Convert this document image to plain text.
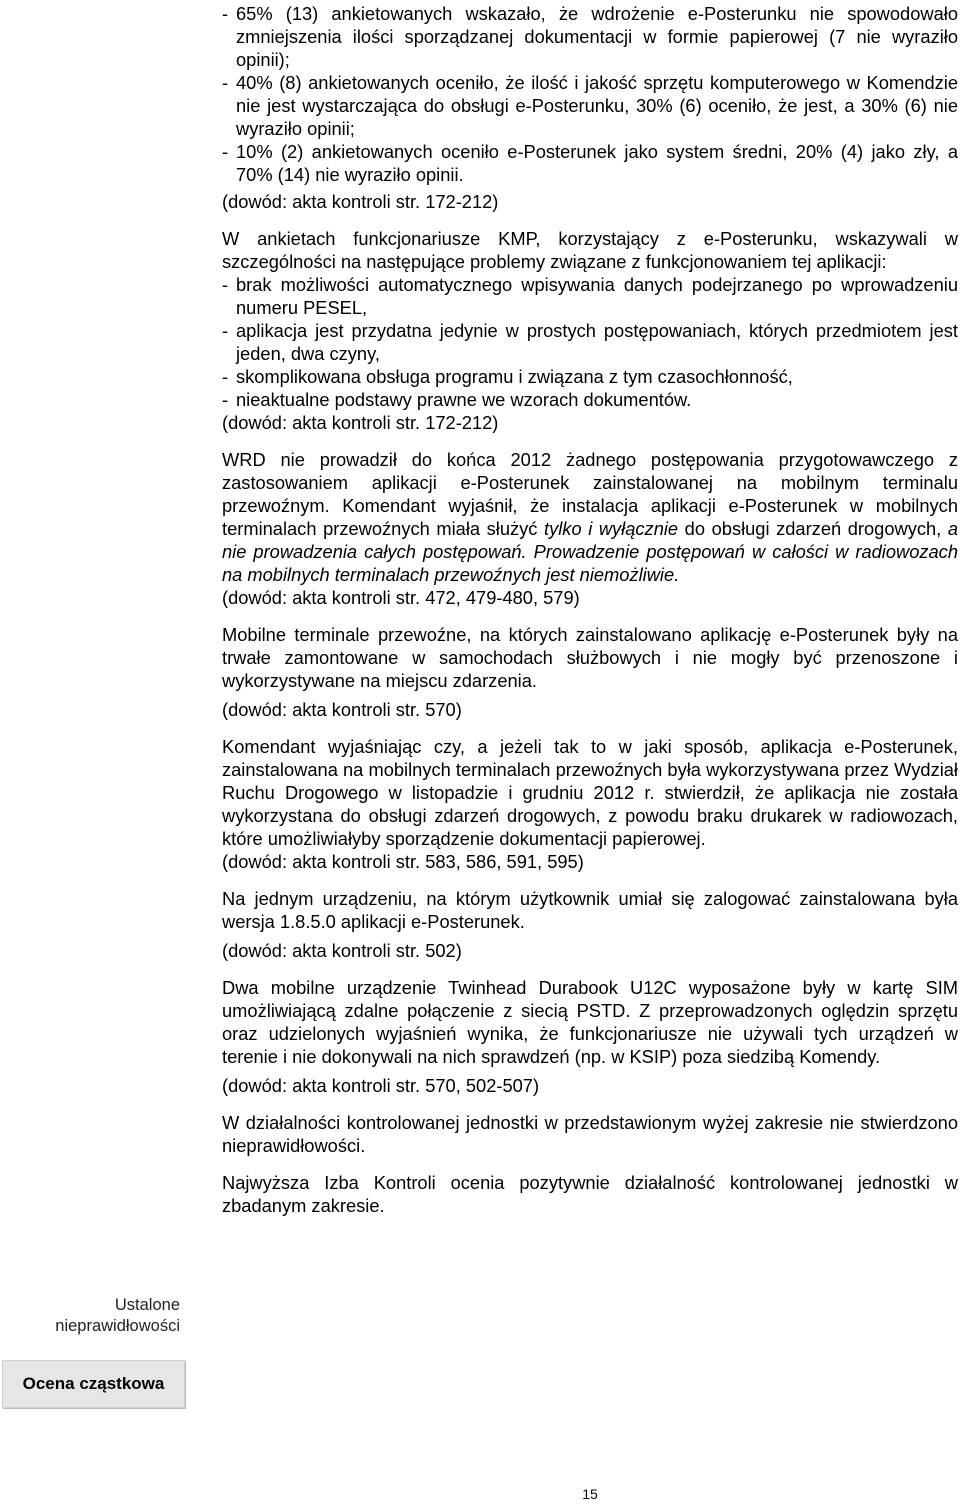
- 65% (13) ankietowanych wskazało, że wdrożenie e-Posterunku nie spowodowało zmniejszenia ilości sporządzanej dokumentacji w formie papierowej (7 nie wyraziło opinii);
- 40% (8) ankietowanych oceniło, że ilość i jakość sprzętu komputerowego w Komendzie nie jest wystarczająca do obsługi e-Posterunku, 30% (6) oceniło, że jest, a 30% (6) nie wyraziło opinii;
- 10% (2) ankietowanych oceniło e-Posterunek jako system średni, 20% (4) jako zły, a 70% (14) nie wyraziło opinii.

(dowód: akta kontroli str. 172-212)

W ankietach funkcjonariusze KMP, korzystający z e-Posterunku, wskazywali w szczególności na następujące problemy związane z funkcjonowaniem tej aplikacji:

- brak możliwości automatycznego wpisywania danych podejrzanego po wprowadzeniu numeru PESEL,
- aplikacja jest przydatna jedynie w prostych postępowaniach, których przedmiotem jest jeden, dwa czyny,
- skomplikowana obsługa programu i związana z tym czasochłonność,
- nieaktualne podstawy prawne we wzorach dokumentów.

(dowód: akta kontroli str. 172-212)

WRD nie prowadził do końca 2012 żadnego postępowania przygotowawczego z zastosowaniem aplikacji e-Posterunek zainstalowanej na mobilnym terminalu przewoźnym. Komendant wyjaśnił, że instalacja aplikacji e-Posterunek w mobilnych terminalach przewoźnych miała służyć tylko i wyłącznie do obsługi zdarzeń drogowych, a nie prowadzenia całych postępowań. Prowadzenie postępowań w całości w radiowozach na mobilnych terminalach przewoźnych jest niemożliwie.

(dowód: akta kontroli str. 472, 479-480, 579)

Mobilne terminale przewoźne, na których zainstalowano aplikację e-Posterunek były na trwałe zamontowane w samochodach służbowych i nie mogły być przenoszone i wykorzystywane na miejscu zdarzenia.

(dowód: akta kontroli str. 570)

Komendant wyjaśniając czy, a jeżeli tak to w jaki sposób, aplikacja e-Posterunek, zainstalowana na mobilnych terminalach przewoźnych była wykorzystywana przez Wydział Ruchu Drogowego w listopadzie i grudniu 2012 r. stwierdził, że aplikacja nie została wykorzystana do obsługi zdarzeń drogowych, z powodu braku drukarek w radiowozach, które umożliwiałyby sporządzenie dokumentacji papierowej.

(dowód: akta kontroli str. 583, 586, 591, 595)

Na jednym urządzeniu, na którym użytkownik umiał się zalogować zainstalowana była wersja 1.8.5.0 aplikacji e-Posterunek.

(dowód: akta kontroli str. 502)

Dwa mobilne urządzenie Twinhead Durabook U12C wyposażone były w kartę SIM umożliwiającą zdalne połączenie z siecią PSTD. Z przeprowadzonych oględzin sprzętu oraz udzielonych wyjaśnień wynika, że funkcjonariusze nie używali tych urządzeń w terenie i nie dokonywali na nich sprawdzeń (np. w KSIP) poza siedzibą Komendy.

(dowód: akta kontroli str. 570, 502-507)

W działalności kontrolowanej jednostki w przedstawionym wyżej zakresie nie stwierdzono nieprawidłowości.

Najwyższa Izba Kontroli ocenia pozytywnie działalność kontrolowanej jednostki w zbadanym zakresie.

Ustalone
nieprawidłowości
Ocena cząstkowa
15
